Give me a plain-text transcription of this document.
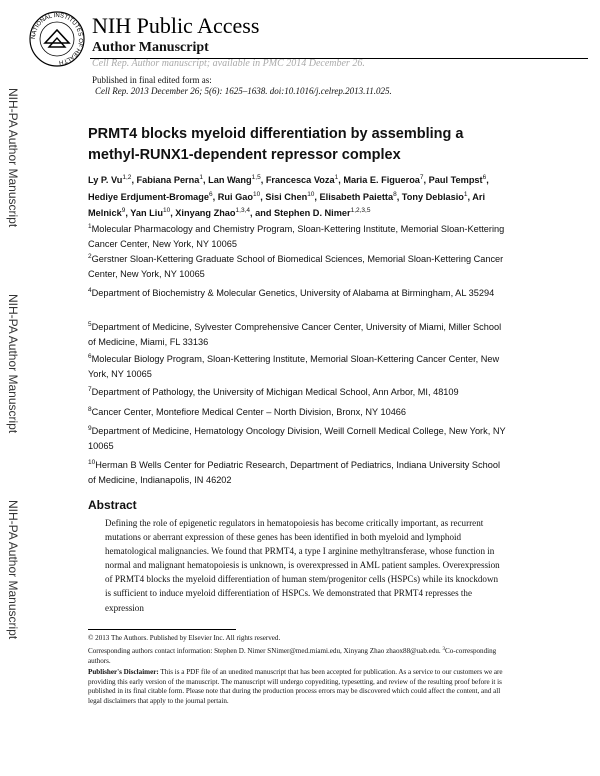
NATIONAL INSTITUTES OF HEALTH
NIH Public Access
Author Manuscript
Cell Rep. Author manuscript; available in PMC 2014 December 26.
Published in final edited form as:
Cell Rep. 2013 December 26; 5(6): 1625–1638. doi:10.1016/j.celrep.2013.11.025.
NIH-PA Author Manuscript
NIH-PA Author Manuscript
NIH-PA Author Manuscript
PRMT4 blocks myeloid differentiation by assembling a methyl-RUNX1-dependent repressor complex
Ly P. Vu$^{1,2}$, Fabiana Perna$^1$, Lan Wang$^{1,5}$, Francesca Voza$^1$, Maria E. Figueroa$^7$, Paul Tempst$^6$, Hediye Erdjument-Bromage$^6$, Rui Gao$^{10}$, Sisi Chen$^{10}$, Elisabeth Paietta$^8$, Tony Deblasio$^1$, Ari Melnick$^9$, Yan Liu$^{10}$, Xinyang Zhao$^{1,3,4}$, and Stephen D. Nimer$^{1,2,3,5}$
$^1$Molecular Pharmacology and Chemistry Program, Sloan-Kettering Institute, Memorial Sloan-Kettering Cancer Center, New York, NY 10065
$^2$Gerstner Sloan-Kettering Graduate School of Biomedical Sciences, Memorial Sloan-Kettering Cancer Center, New York, NY 10065
$^4$Department of Biochemistry & Molecular Genetics, University of Alabama at Birmingham, AL 35294
$^5$Department of Medicine, Sylvester Comprehensive Cancer Center, University of Miami, Miller School of Medicine, Miami, FL 33136
$^6$Molecular Biology Program, Sloan-Kettering Institute, Memorial Sloan-Kettering Cancer Center, New York, NY 10065
$^7$Department of Pathology, the University of Michigan Medical School, Ann Arbor, MI, 48109
$^8$Cancer Center, Montefiore Medical Center – North Division, Bronx, NY 10466
$^9$Department of Medicine, Hematology Oncology Division, Weill Cornell Medical College, New York, NY 10065
$^{10}$Herman B Wells Center for Pediatric Research, Department of Pediatrics, Indiana University School of Medicine, Indianapolis, IN 46202
Abstract
Defining the role of epigenetic regulators in hematopoiesis has become critically important, as recurrent mutations or aberrant expression of these genes has been identified in both myeloid and lymphoid hematological malignancies. We found that PRMT4, a type I arginine methyltransferase, whose function in normal and malignant hematopoiesis is unknown, is overexpressed in AML patient samples. Overexpression of PRMT4 blocks the myeloid differentiation of human stem/progenitor cells (HSPCs) while its knockdown is sufficient to induce myeloid differentiation of HSPCs. We demonstrated that PRMT4 represses the expression
© 2013 The Authors. Published by Elsevier Inc. All rights reserved.
Corresponding authors contact information: Stephen D. Nimer SNimer@med.miami.edu, Xinyang Zhao zhaox88@uab.edu. $^3$Co-corresponding authors.
Publisher's Disclaimer: This is a PDF file of an unedited manuscript that has been accepted for publication. As a service to our customers we are providing this early version of the manuscript. The manuscript will undergo copyediting, typesetting, and review of the resulting proof before it is published in its final citable form. Please note that during the production process errors may be discovered which could affect the content, and all legal disclaimers that apply to the journal pertain.
